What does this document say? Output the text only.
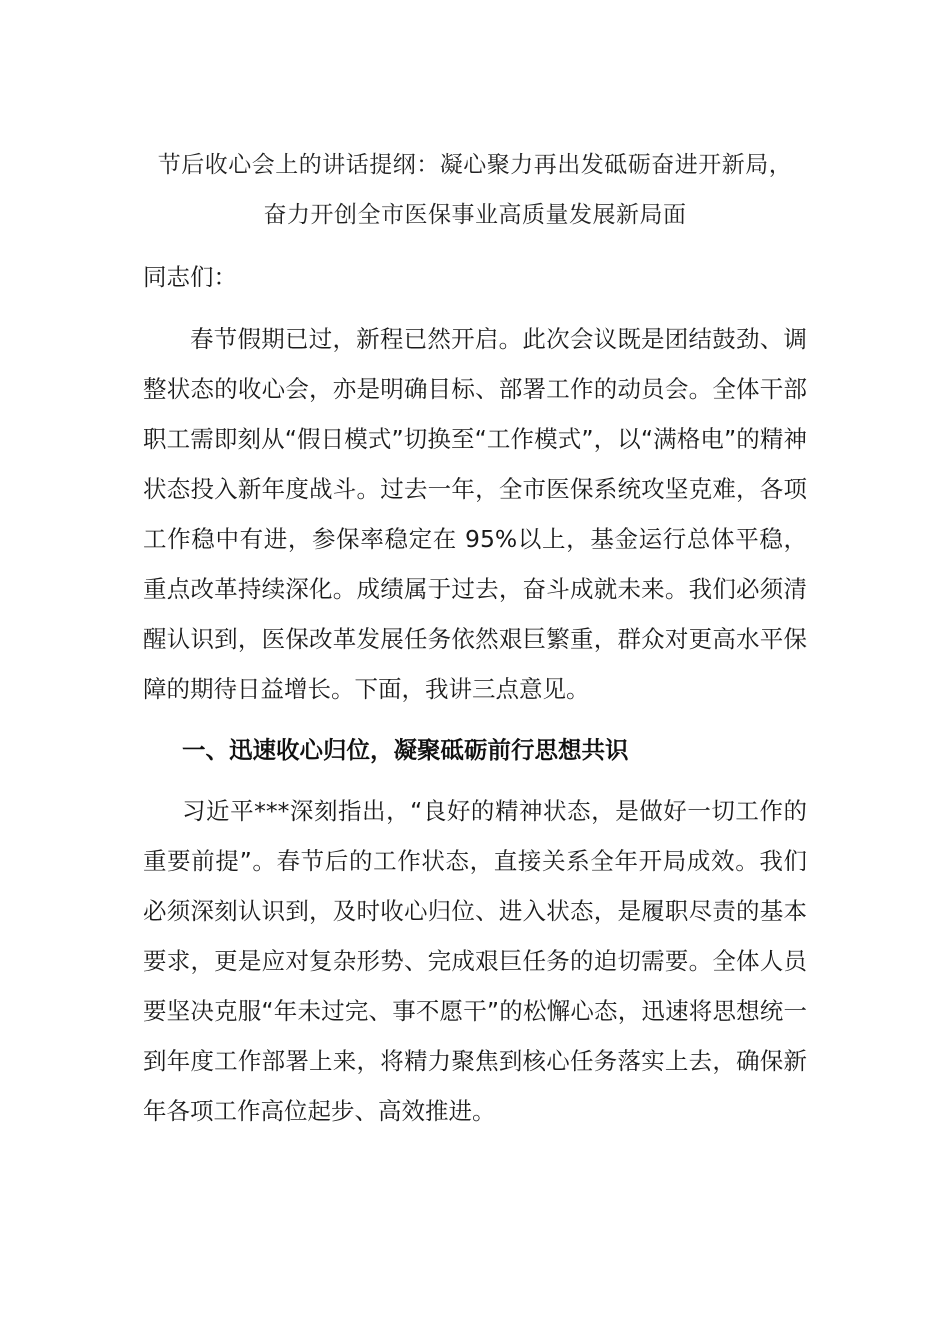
节后收心会上的讲话提纲：凝心聚力再出发砥砺奋进开新局，
奋力开创全市医保事业高质量发展新局面
同志们：
春节假期已过，新程已然开启。此次会议既是团结鼓劲、调整状态的收心会，亦是明确目标、部署工作的动员会。全体干部职工需即刻从“假日模式”切换至“工作模式”，以“满格电”的精神状态投入新年度战斗。过去一年，全市医保系统攻坚克难，各项工作稳中有进，参保率稳定在 95%以上，基金运行总体平稳，重点改革持续深化。成绩属于过去，奋斗成就未来。我们必须清醒认识到，医保改革发展任务依然艰巨繁重，群众对更高水平保障的期待日益增长。下面，我讲三点意见。
一、迅速收心归位，凝聚砥砺前行思想共识
习近平***深刻指出，“良好的精神状态，是做好一切工作的重要前提”。春节后的工作状态，直接关系全年开局成效。我们必须深刻认识到，及时收心归位、进入状态，是履职尽责的基本要求，更是应对复杂形势、完成艰巨任务的迫切需要。全体人员要坚决克服“年未过完、事不愿干”的松懈心态，迅速将思想统一到年度工作部署上来，将精力聚焦到核心任务落实上去，确保新年各项工作高位起步、高效推进。
